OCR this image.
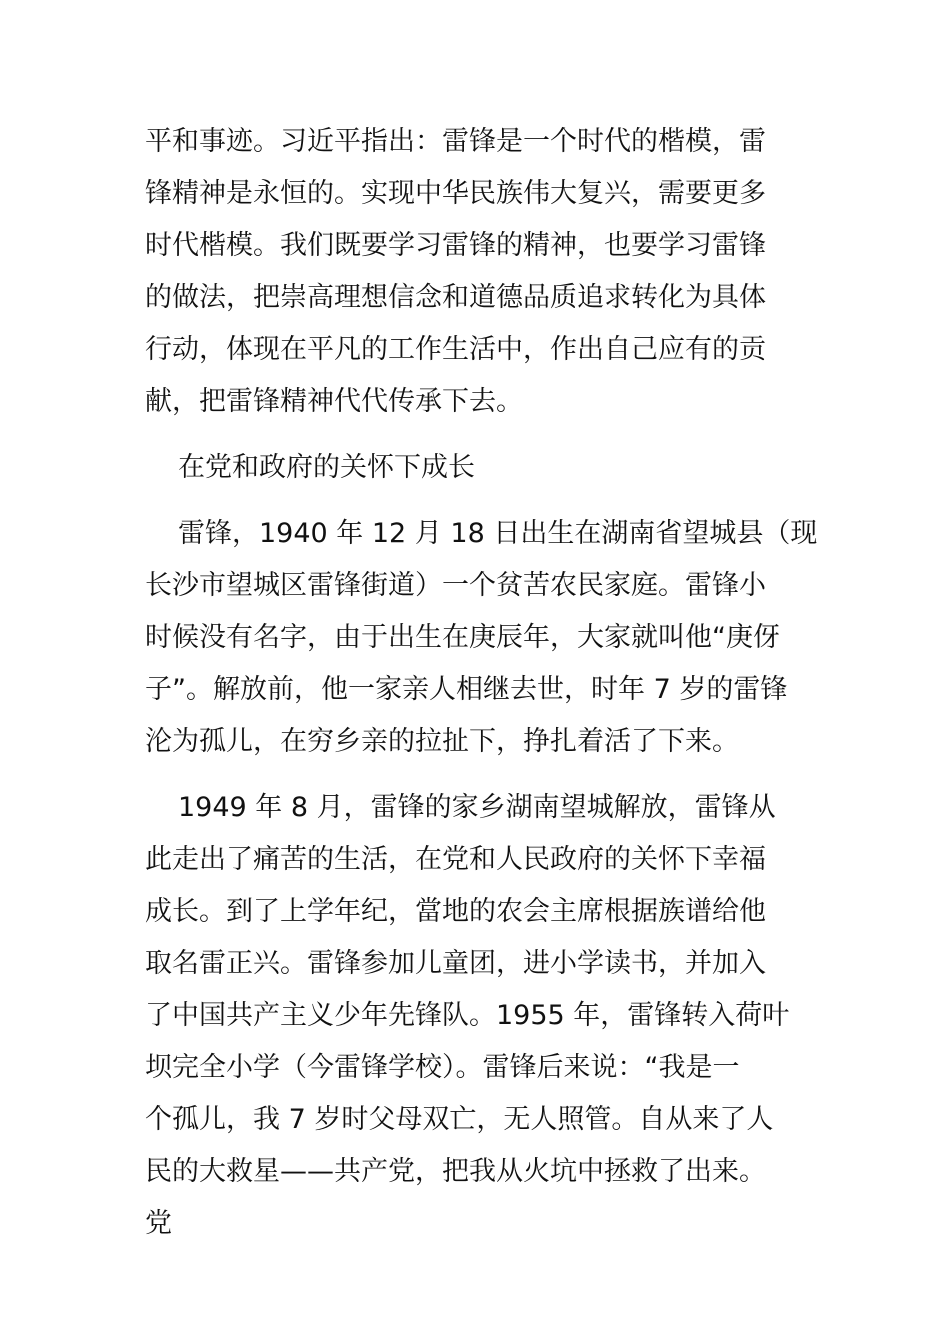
平和事迹。习近平指出：雷锋是一个时代的楷模，雷
锋精神是永恒的。实现中华民族伟大复兴，需要更多
时代楷模。我们既要学习雷锋的精神，也要学习雷锋
的做法，把崇高理想信念和道德品质追求转化为具体
行动，体现在平凡的工作生活中，作出自己应有的贡
献，把雷锋精神代代传承下去。
在党和政府的关怀下成长
雷锋，1940 年 12 月 18 日出生在湖南省望城县（现
长沙市望城区雷锋街道）一个贫苦农民家庭。雷锋小
时候没有名字，由于出生在庚辰年，大家就叫他“庚伢
子”。解放前，他一家亲人相继去世，时年 7 岁的雷锋
沦为孤儿，在穷乡亲的拉扯下，挣扎着活了下来。
1949 年 8 月，雷锋的家乡湖南望城解放，雷锋从
此走出了痛苦的生活，在党和人民政府的关怀下幸福
成长。到了上学年纪，當地的农会主席根据族谱给他
取名雷正兴。雷锋参加儿童团，进小学读书，并加入
了中国共产主义少年先锋队。1955 年，雷锋转入荷叶
坝完全小学（今雷锋学校）。雷锋后来说：“我是一
个孤儿，我 7 岁时父母双亡，无人照管。自从来了人
民的大救星——共产党，把我从火坑中拯救了出来。
党
